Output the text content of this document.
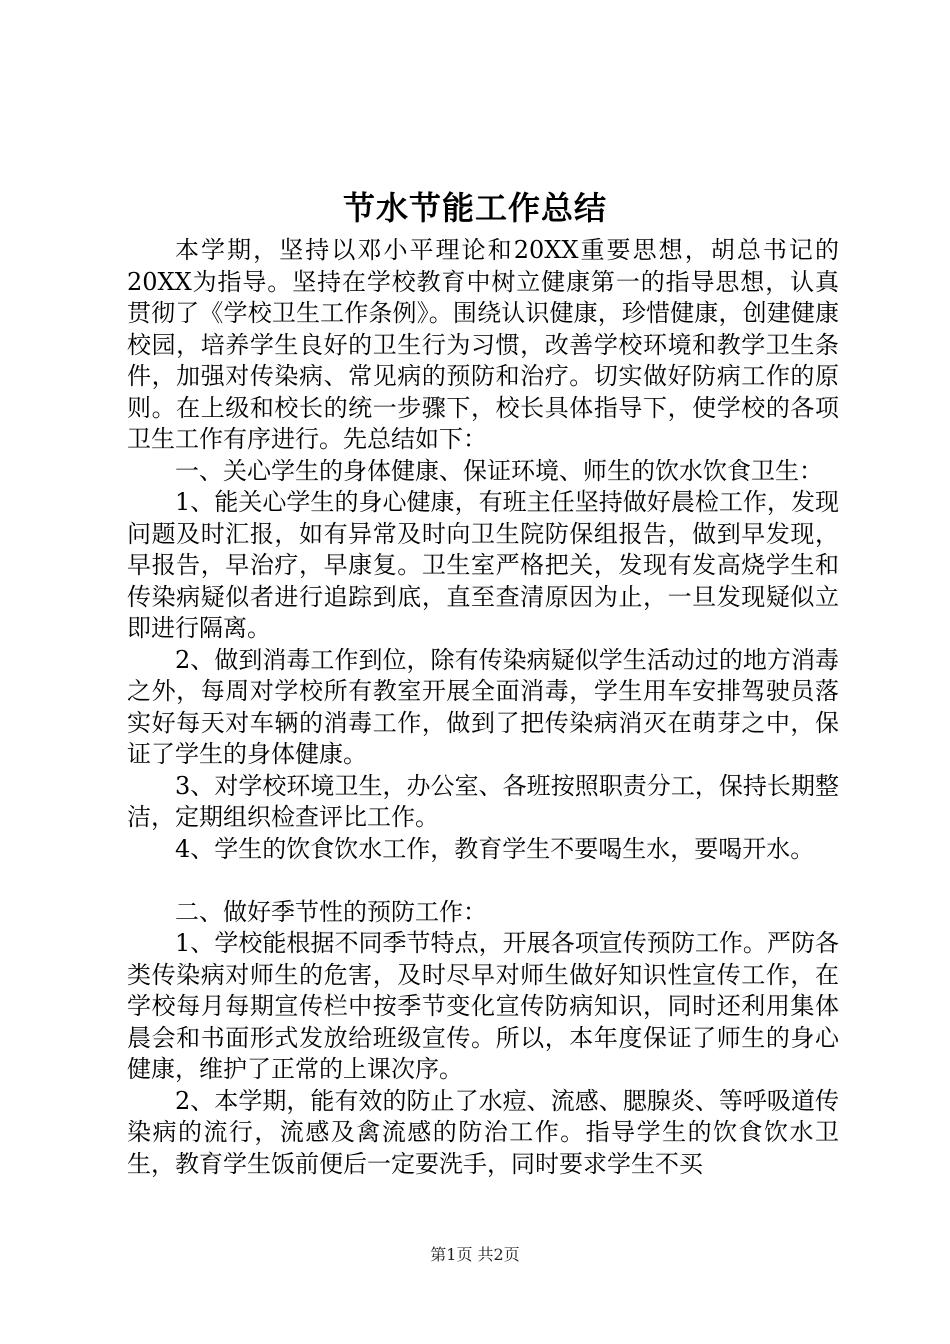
节水节能工作总结

本学期，坚持以邓小平理论和20XX重要思想，胡总书记的20XX为指导。坚持在学校教育中树立健康第一的指导思想，认真贯彻了《学校卫生工作条例》。围绕认识健康，珍惜健康，创建健康校园，培养学生良好的卫生行为习惯，改善学校环境和教学卫生条件，加强对传染病、常见病的预防和治疗。切实做好防病工作的原则。在上级和校长的统一步骤下，校长具体指导下，使学校的各项卫生工作有序进行。先总结如下：

一、关心学生的身体健康、保证环境、师生的饮水饮食卫生：

1、能关心学生的身心健康，有班主任坚持做好晨检工作，发现问题及时汇报，如有异常及时向卫生院防保组报告，做到早发现，早报告，早治疗，早康复。卫生室严格把关，发现有发高烧学生和传染病疑似者进行追踪到底，直至查清原因为止，一旦发现疑似立即进行隔离。

2、做到消毒工作到位，除有传染病疑似学生活动过的地方消毒之外，每周对学校所有教室开展全面消毒，学生用车安排驾驶员落实好每天对车辆的消毒工作，做到了把传染病消灭在萌芽之中，保证了学生的身体健康。

3、对学校环境卫生，办公室、各班按照职责分工，保持长期整洁，定期组织检查评比工作。

4、学生的饮食饮水工作，教育学生不要喝生水，要喝开水。

二、做好季节性的预防工作：

1、学校能根据不同季节特点，开展各项宣传预防工作。严防各类传染病对师生的危害，及时尽早对师生做好知识性宣传工作，在学校每月每期宣传栏中按季节变化宣传防病知识，同时还利用集体晨会和书面形式发放给班级宣传。所以，本年度保证了师生的身心健康，维护了正常的上课次序。

2、本学期，能有效的防止了水痘、流感、腮腺炎、等呼吸道传染病的流行，流感及禽流感的防治工作。指导学生的饮食饮水卫生，教育学生饭前便后一定要洗手，同时要求学生不买

第1页 共2页
